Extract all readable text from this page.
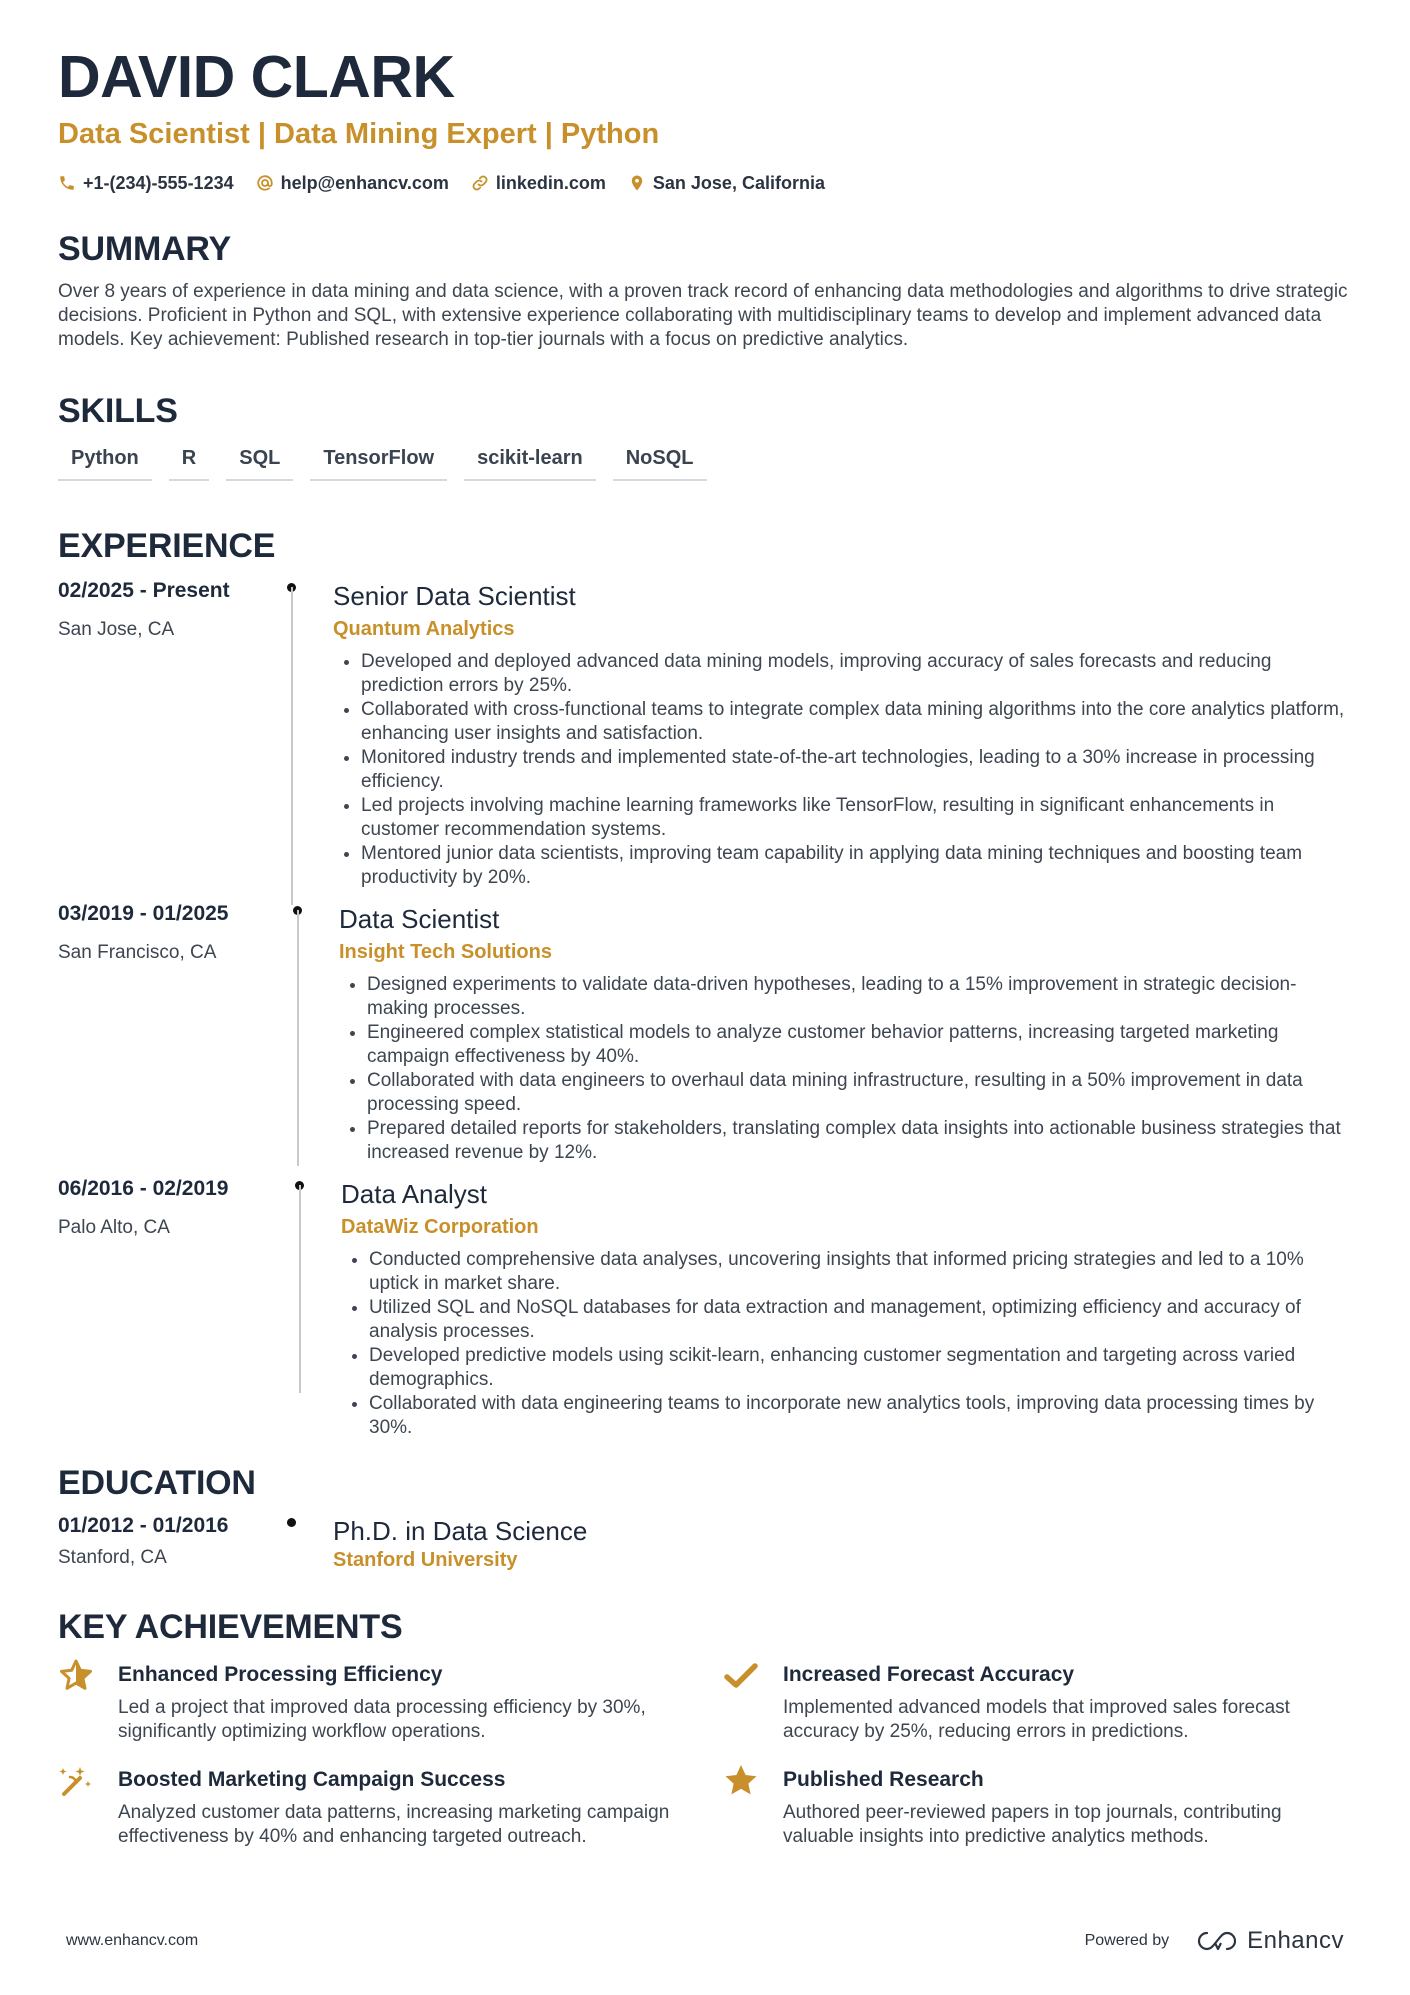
DAVID CLARK
Data Scientist | Data Mining Expert | Python
+1-(234)-555-1234	help@enhancv.com	linkedin.com	San Jose, California
SUMMARY
Over 8 years of experience in data mining and data science, with a proven track record of enhancing data methodologies and algorithms to drive strategic decisions. Proficient in Python and SQL, with extensive experience collaborating with multidisciplinary teams to develop and implement advanced data models. Key achievement: Published research in top-tier journals with a focus on predictive analytics.
SKILLS
Python	R	SQL	TensorFlow	scikit-learn	NoSQL
EXPERIENCE
02/2025 - Present
San Jose, CA
Senior Data Scientist
Quantum Analytics
• Developed and deployed advanced data mining models, improving accuracy of sales forecasts and reducing prediction errors by 25%.
• Collaborated with cross-functional teams to integrate complex data mining algorithms into the core analytics platform, enhancing user insights and satisfaction.
• Monitored industry trends and implemented state-of-the-art technologies, leading to a 30% increase in processing efficiency.
• Led projects involving machine learning frameworks like TensorFlow, resulting in significant enhancements in customer recommendation systems.
• Mentored junior data scientists, improving team capability in applying data mining techniques and boosting team productivity by 20%.
03/2019 - 01/2025
San Francisco, CA
Data Scientist
Insight Tech Solutions
• Designed experiments to validate data-driven hypotheses, leading to a 15% improvement in strategic decision-making processes.
• Engineered complex statistical models to analyze customer behavior patterns, increasing targeted marketing campaign effectiveness by 40%.
• Collaborated with data engineers to overhaul data mining infrastructure, resulting in a 50% improvement in data processing speed.
• Prepared detailed reports for stakeholders, translating complex data insights into actionable business strategies that increased revenue by 12%.
06/2016 - 02/2019
Palo Alto, CA
Data Analyst
DataWiz Corporation
• Conducted comprehensive data analyses, uncovering insights that informed pricing strategies and led to a 10% uptick in market share.
• Utilized SQL and NoSQL databases for data extraction and management, optimizing efficiency and accuracy of analysis processes.
• Developed predictive models using scikit-learn, enhancing customer segmentation and targeting across varied demographics.
• Collaborated with data engineering teams to incorporate new analytics tools, improving data processing times by 30%.
EDUCATION
01/2012 - 01/2016
Stanford, CA
Ph.D. in Data Science
Stanford University
KEY ACHIEVEMENTS
Enhanced Processing Efficiency
Led a project that improved data processing efficiency by 30%, significantly optimizing workflow operations.
Increased Forecast Accuracy
Implemented advanced models that improved sales forecast accuracy by 25%, reducing errors in predictions.
Boosted Marketing Campaign Success
Analyzed customer data patterns, increasing marketing campaign effectiveness by 40% and enhancing targeted outreach.
Published Research
Authored peer-reviewed papers in top journals, contributing valuable insights into predictive analytics methods.
www.enhancv.com	Powered by	Enhancv
